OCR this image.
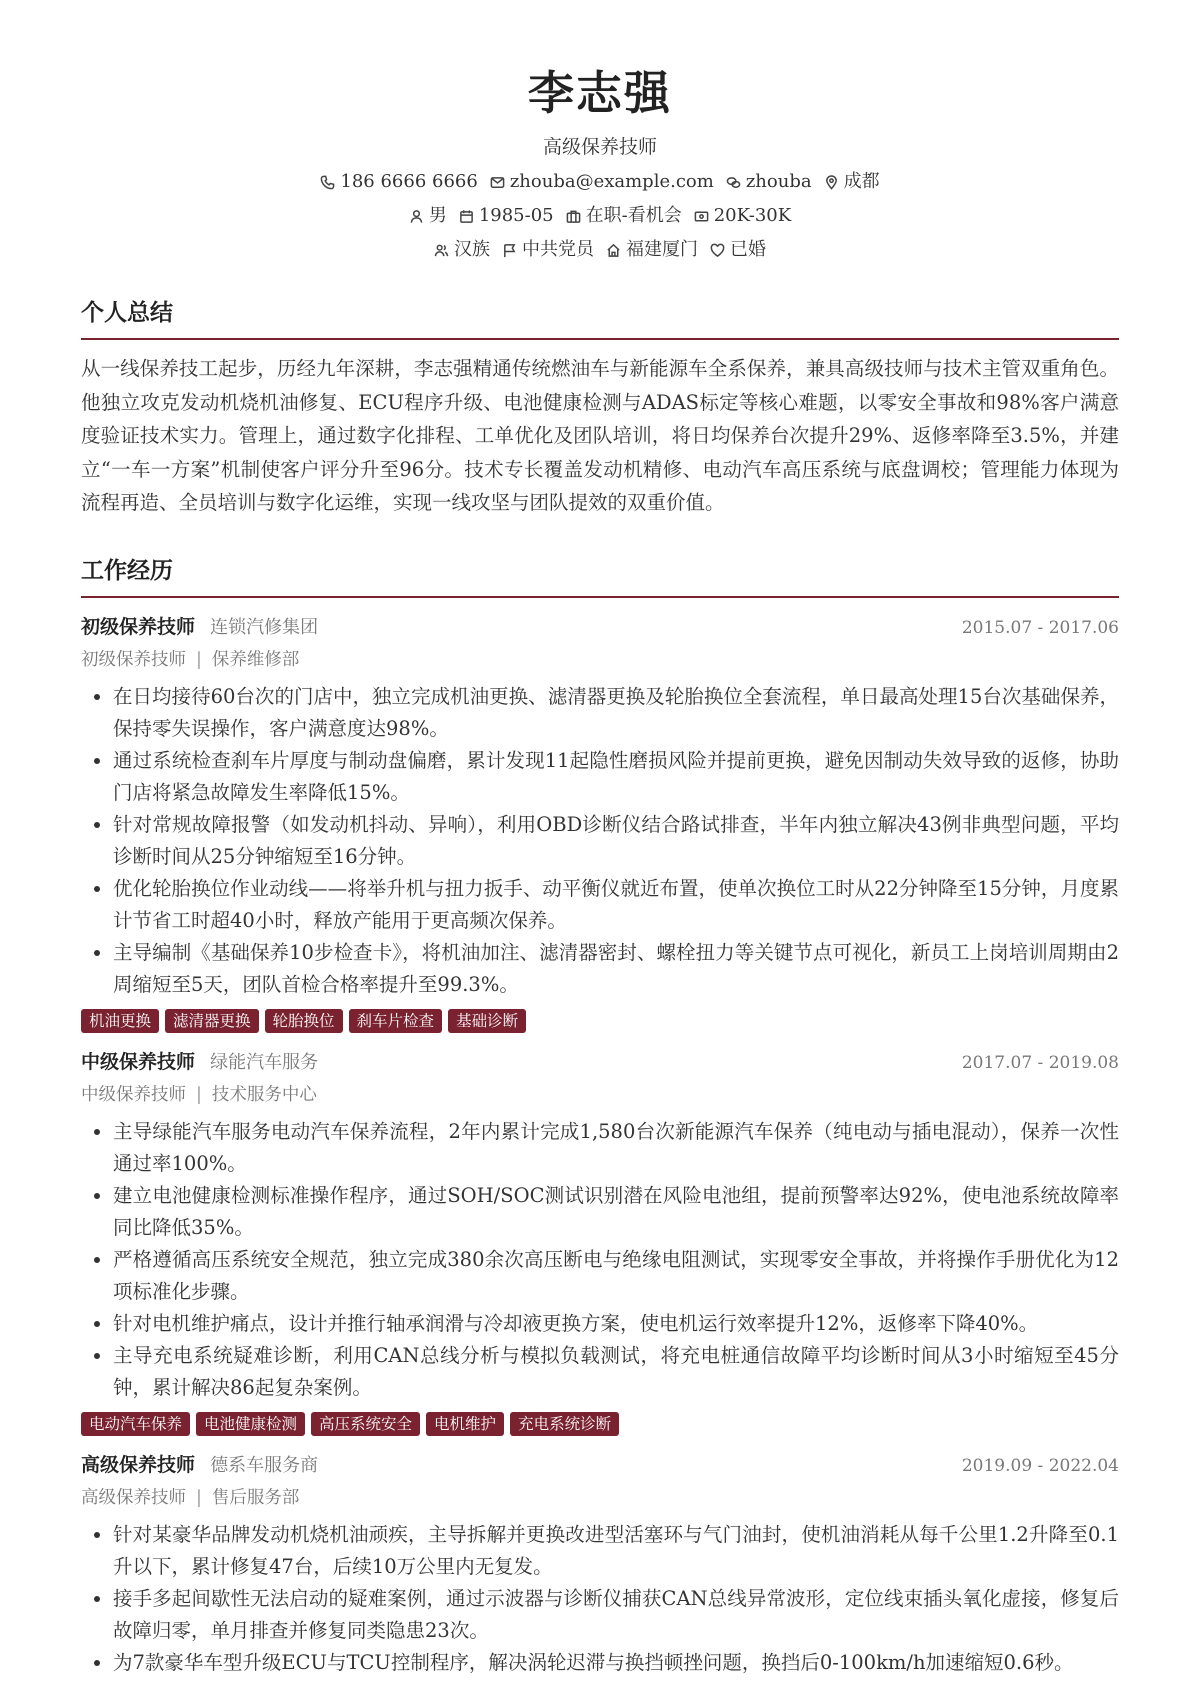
李志强
高级保养技师
186 6666 6666 zhouba@example.com zhouba 成都
男 1985-05 在职-看机会 20K-30K
汉族 中共党员 福建厦门 已婚
个人总结
从一线保养技工起步，历经九年深耕，李志强精通传统燃油车与新能源车全系保养，兼具高级技师与技术主管双重角色。他独立攻克发动机烧机油修复、ECU程序升级、电池健康检测与ADAS标定等核心难题，以零安全事故和98%客户满意度验证技术实力。管理上，通过数字化排程、工单优化及团队培训，将日均保养台次提升29%、返修率降至3.5%，并建立“一车一方案”机制使客户评分升至96分。技术专长覆盖发动机精修、电动汽车高压系统与底盘调校；管理能力体现为流程再造、全员培训与数字化运维，实现一线攻坚与团队提效的双重价值。
工作经历
初级保养技师 连锁汽修集团	2015.07 - 2017.06
初级保养技师 | 保养维修部
• 在日均接待60台次的门店中，独立完成机油更换、滤清器更换及轮胎换位全套流程，单日最高处理15台次基础保养，保持零失误操作，客户满意度达98%。
• 通过系统检查刹车片厚度与制动盘偏磨，累计发现11起隐性磨损风险并提前更换，避免因制动失效导致的返修，协助门店将紧急故障发生率降低15%。
• 针对常规故障报警（如发动机抖动、异响），利用OBD诊断仪结合路试排查，半年内独立解决43例非典型问题，平均诊断时间从25分钟缩短至16分钟。
• 优化轮胎换位作业动线——将举升机与扭力扳手、动平衡仪就近布置，使单次换位工时从22分钟降至15分钟，月度累计节省工时超40小时，释放产能用于更高频次保养。
• 主导编制《基础保养10步检查卡》，将机油加注、滤清器密封、螺栓扭力等关键节点可视化，新员工上岗培训周期由2周缩短至5天，团队首检合格率提升至99.3%。
机油更换	滤清器更换	轮胎换位	刹车片检查	基础诊断
中级保养技师 绿能汽车服务	2017.07 - 2019.08
中级保养技师 | 技术服务中心
• 主导绿能汽车服务电动汽车保养流程，2年内累计完成1,580台次新能源汽车保养（纯电动与插电混动），保养一次性通过率100%。
• 建立电池健康检测标准操作程序，通过SOH/SOC测试识别潜在风险电池组，提前预警率达92%，使电池系统故障率同比降低35%。
• 严格遵循高压系统安全规范，独立完成380余次高压断电与绝缘电阻测试，实现零安全事故，并将操作手册优化为12项标准化步骤。
• 针对电机维护痛点，设计并推行轴承润滑与冷却液更换方案，使电机运行效率提升12%，返修率下降40%。
• 主导充电系统疑难诊断，利用CAN总线分析与模拟负载测试，将充电桩通信故障平均诊断时间从3小时缩短至45分钟，累计解决86起复杂案例。
电动汽车保养	电池健康检测	高压系统安全	电机维护	充电系统诊断
高级保养技师 德系车服务商	2019.09 - 2022.04
高级保养技师 | 售后服务部
• 针对某豪华品牌发动机烧机油顽疾，主导拆解并更换改进型活塞环与气门油封，使机油消耗从每千公里1.2升降至0.1升以下，累计修复47台，后续10万公里内无复发。
• 接手多起间歇性无法启动的疑难案例，通过示波器与诊断仪捕获CAN总线异常波形，定位线束插头氧化虚接，修复后故障归零，单月排查并修复同类隐患23次。
• 为7款豪华车型升级ECU与TCU控制程序，解决涡轮迟滞与换挡顿挫问题，换挡后0-100km/h加速缩短0.6秒。
